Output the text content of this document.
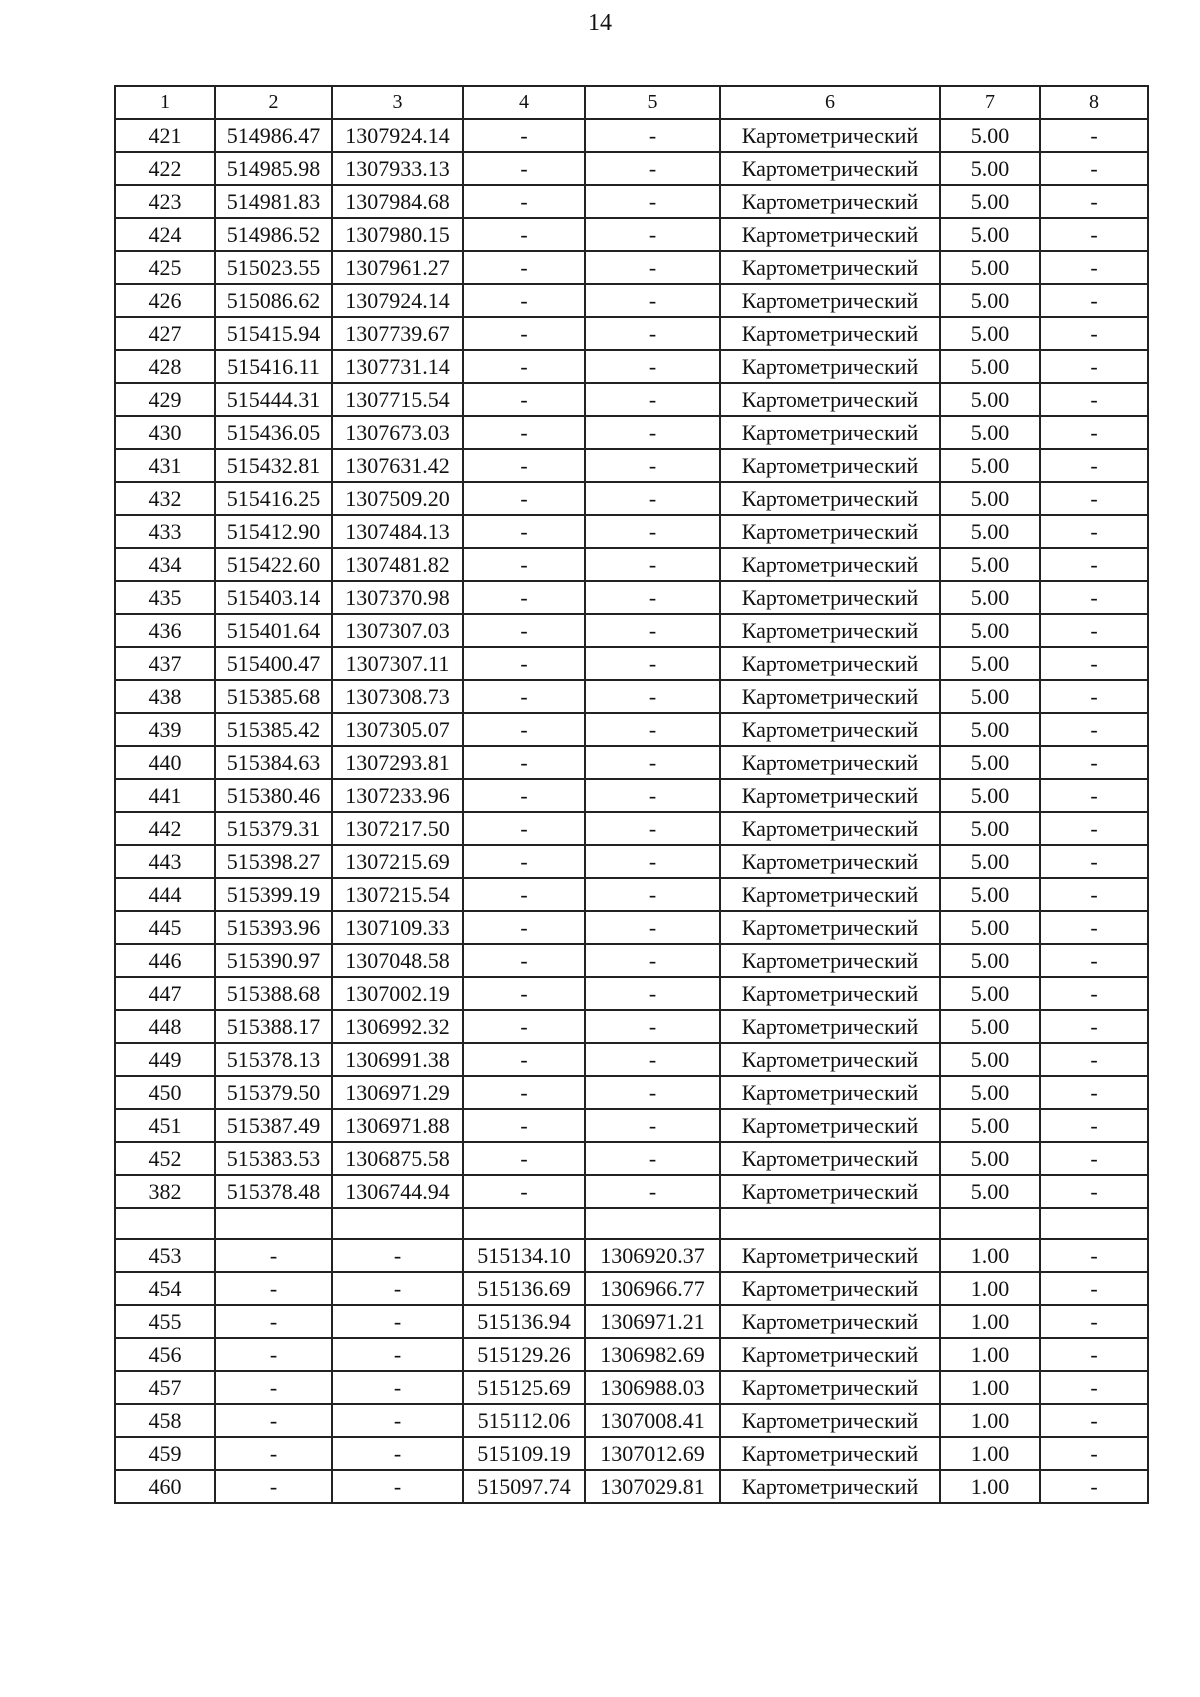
14
1	2	3	4	5	6	7	8
421	514986.47	1307924.14	-	-	Картометрический	5.00	-
422	514985.98	1307933.13	-	-	Картометрический	5.00	-
423	514981.83	1307984.68	-	-	Картометрический	5.00	-
424	514986.52	1307980.15	-	-	Картометрический	5.00	-
425	515023.55	1307961.27	-	-	Картометрический	5.00	-
426	515086.62	1307924.14	-	-	Картометрический	5.00	-
427	515415.94	1307739.67	-	-	Картометрический	5.00	-
428	515416.11	1307731.14	-	-	Картометрический	5.00	-
429	515444.31	1307715.54	-	-	Картометрический	5.00	-
430	515436.05	1307673.03	-	-	Картометрический	5.00	-
431	515432.81	1307631.42	-	-	Картометрический	5.00	-
432	515416.25	1307509.20	-	-	Картометрический	5.00	-
433	515412.90	1307484.13	-	-	Картометрический	5.00	-
434	515422.60	1307481.82	-	-	Картометрический	5.00	-
435	515403.14	1307370.98	-	-	Картометрический	5.00	-
436	515401.64	1307307.03	-	-	Картометрический	5.00	-
437	515400.47	1307307.11	-	-	Картометрический	5.00	-
438	515385.68	1307308.73	-	-	Картометрический	5.00	-
439	515385.42	1307305.07	-	-	Картометрический	5.00	-
440	515384.63	1307293.81	-	-	Картометрический	5.00	-
441	515380.46	1307233.96	-	-	Картометрический	5.00	-
442	515379.31	1307217.50	-	-	Картометрический	5.00	-
443	515398.27	1307215.69	-	-	Картометрический	5.00	-
444	515399.19	1307215.54	-	-	Картометрический	5.00	-
445	515393.96	1307109.33	-	-	Картометрический	5.00	-
446	515390.97	1307048.58	-	-	Картометрический	5.00	-
447	515388.68	1307002.19	-	-	Картометрический	5.00	-
448	515388.17	1306992.32	-	-	Картометрический	5.00	-
449	515378.13	1306991.38	-	-	Картометрический	5.00	-
450	515379.50	1306971.29	-	-	Картометрический	5.00	-
451	515387.49	1306971.88	-	-	Картометрический	5.00	-
452	515383.53	1306875.58	-	-	Картометрический	5.00	-
382	515378.48	1306744.94	-	-	Картометрический	5.00	-

453	-	-	515134.10	1306920.37	Картометрический	1.00	-
454	-	-	515136.69	1306966.77	Картометрический	1.00	-
455	-	-	515136.94	1306971.21	Картометрический	1.00	-
456	-	-	515129.26	1306982.69	Картометрический	1.00	-
457	-	-	515125.69	1306988.03	Картометрический	1.00	-
458	-	-	515112.06	1307008.41	Картометрический	1.00	-
459	-	-	515109.19	1307012.69	Картометрический	1.00	-
460	-	-	515097.74	1307029.81	Картометрический	1.00	-
